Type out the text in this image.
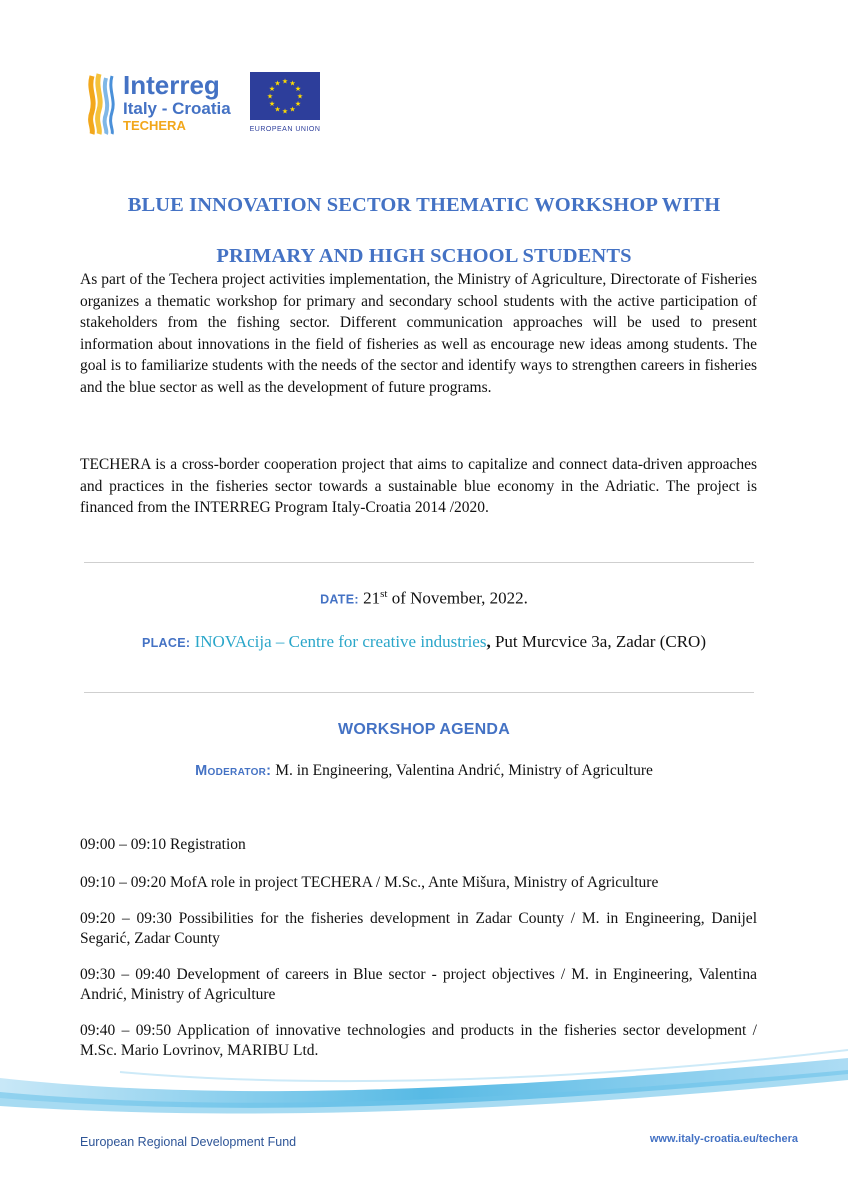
Interreg
Italy - Croatia
TECHERA
★ ★
★
★
★
★
★
★
★
★
★
★
EUROPEAN UNION
BLUE INNOVATION SECTOR THEMATIC WORKSHOP WITH
PRIMARY AND HIGH SCHOOL STUDENTS

As part of the Techera project activities implementation, the Ministry of Agriculture, Directorate of Fisheries organizes a thematic workshop for primary and secondary school students with the active participation of stakeholders from the fishing sector. Different communication approaches will be used to present information about innovations in the field of fisheries as well as encourage new ideas among students. The goal is to familiarize students with the needs of the sector and identify ways to strengthen careers in fisheries and the blue sector as well as the development of future programs.

TECHERA is a cross-border cooperation project that aims to capitalize and connect data-driven approaches and practices in the fisheries sector towards a sustainable blue economy in the Adriatic. The project is financed from the INTERREG Program Italy-Croatia 2014 /2020.

DATE: 21st of November, 2022.
PLACE: INOVAcija – Centre for creative industries, Put Murcvice 3a, Zadar (CRO)
WORKSHOP AGENDA
Moderator: M. in Engineering, Valentina Andrić, Ministry of Agriculture

09:00 – 09:10 Registration

09:10 – 09:20 MofA role in project TECHERA / M.Sc., Ante Mišura, Ministry of Agriculture

09:20 – 09:30 Possibilities for the fisheries development in Zadar County / M. in Engineering, Danijel Segarić, Zadar County

09:30 – 09:40 Development of careers in Blue sector - project objectives / M. in Engineering, Valentina Andrić, Ministry of Agriculture

09:40 – 09:50 Application of innovative technologies and products in the fisheries sector development / M.Sc. Mario Lovrinov, MARIBU Ltd.

European Regional Development Fund	www.italy-croatia.eu/techera
